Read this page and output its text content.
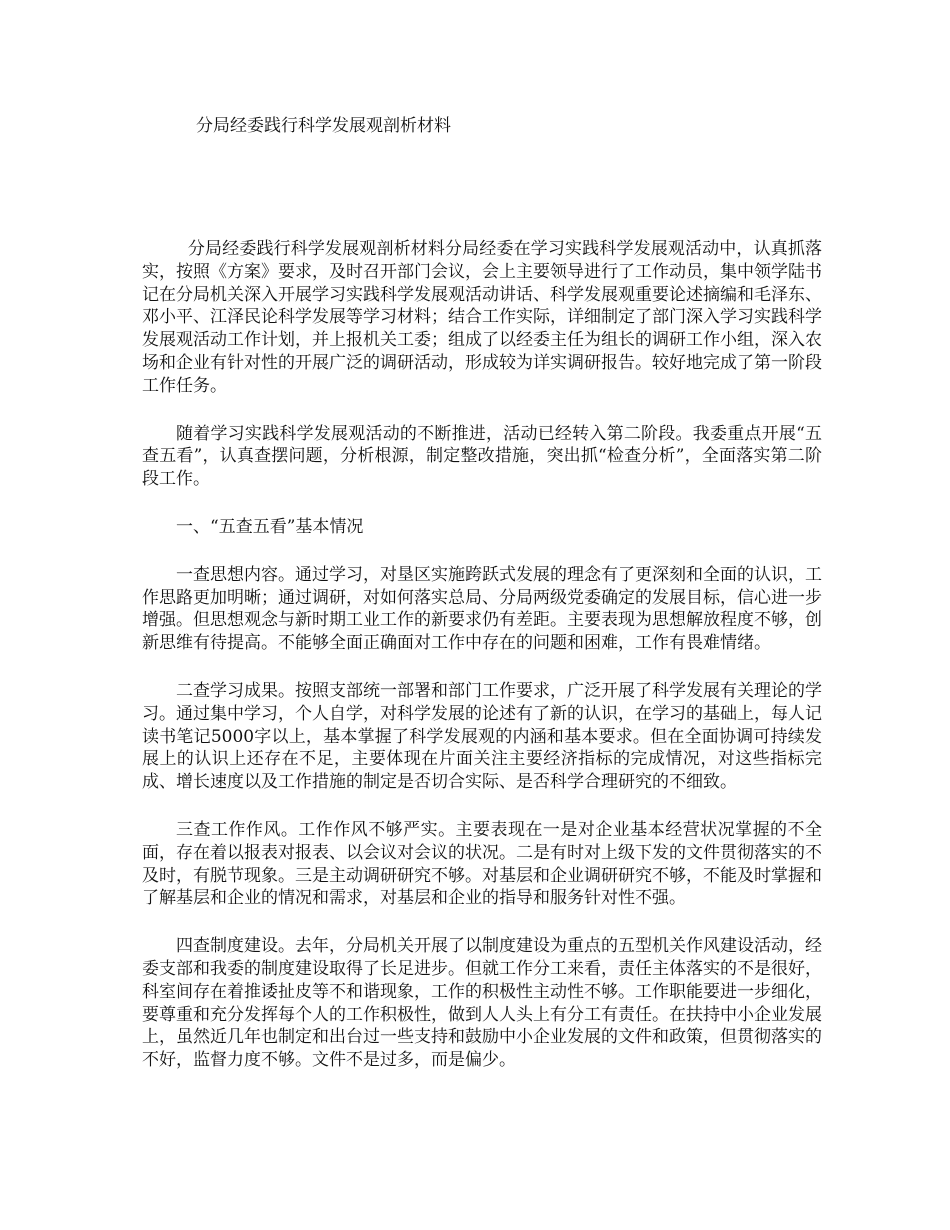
分局经委践行科学发展观剖析材料

分局经委践行科学发展观剖析材料分局经委在学习实践科学发展观活动中，认真抓落实，按照《方案》要求，及时召开部门会议，会上主要领导进行了工作动员，集中领学陆书记在分局机关深入开展学习实践科学发展观活动讲话、科学发展观重要论述摘编和毛泽东、邓小平、江泽民论科学发展等学习材料；结合工作实际，详细制定了部门深入学习实践科学发展观活动工作计划，并上报机关工委；组成了以经委主任为组长的调研工作小组，深入农场和企业有针对性的开展广泛的调研活动，形成较为详实调研报告。较好地完成了第一阶段工作任务。

随着学习实践科学发展观活动的不断推进，活动已经转入第二阶段。我委重点开展“五查五看”，认真查摆问题，分析根源，制定整改措施，突出抓“检查分析”，全面落实第二阶段工作。

一、“五查五看”基本情况

一查思想内容。通过学习，对垦区实施跨跃式发展的理念有了更深刻和全面的认识，工作思路更加明晰；通过调研，对如何落实总局、分局两级党委确定的发展目标，信心进一步增强。但思想观念与新时期工业工作的新要求仍有差距。主要表现为思想解放程度不够，创新思维有待提高。不能够全面正确面对工作中存在的问题和困难，工作有畏难情绪。

二查学习成果。按照支部统一部署和部门工作要求，广泛开展了科学发展有关理论的学习。通过集中学习，个人自学，对科学发展的论述有了新的认识，在学习的基础上，每人记读书笔记5000字以上，基本掌握了科学发展观的内涵和基本要求。但在全面协调可持续发展上的认识上还存在不足，主要体现在片面关注主要经济指标的完成情况，对这些指标完成、增长速度以及工作措施的制定是否切合实际、是否科学合理研究的不细致。

三查工作作风。工作作风不够严实。主要表现在一是对企业基本经营状况掌握的不全面，存在着以报表对报表、以会议对会议的状况。二是有时对上级下发的文件贯彻落实的不及时，有脱节现象。三是主动调研研究不够。对基层和企业调研研究不够，不能及时掌握和了解基层和企业的情况和需求，对基层和企业的指导和服务针对性不强。

四查制度建设。去年，分局机关开展了以制度建设为重点的五型机关作风建设活动，经委支部和我委的制度建设取得了长足进步。但就工作分工来看，责任主体落实的不是很好，科室间存在着推诿扯皮等不和谐现象，工作的积极性主动性不够。工作职能要进一步细化，要尊重和充分发挥每个人的工作积极性，做到人人头上有分工有责任。在扶持中小企业发展上，虽然近几年也制定和出台过一些支持和鼓励中小企业发展的文件和政策，但贯彻落实的不好，监督力度不够。文件不是过多，而是偏少。
